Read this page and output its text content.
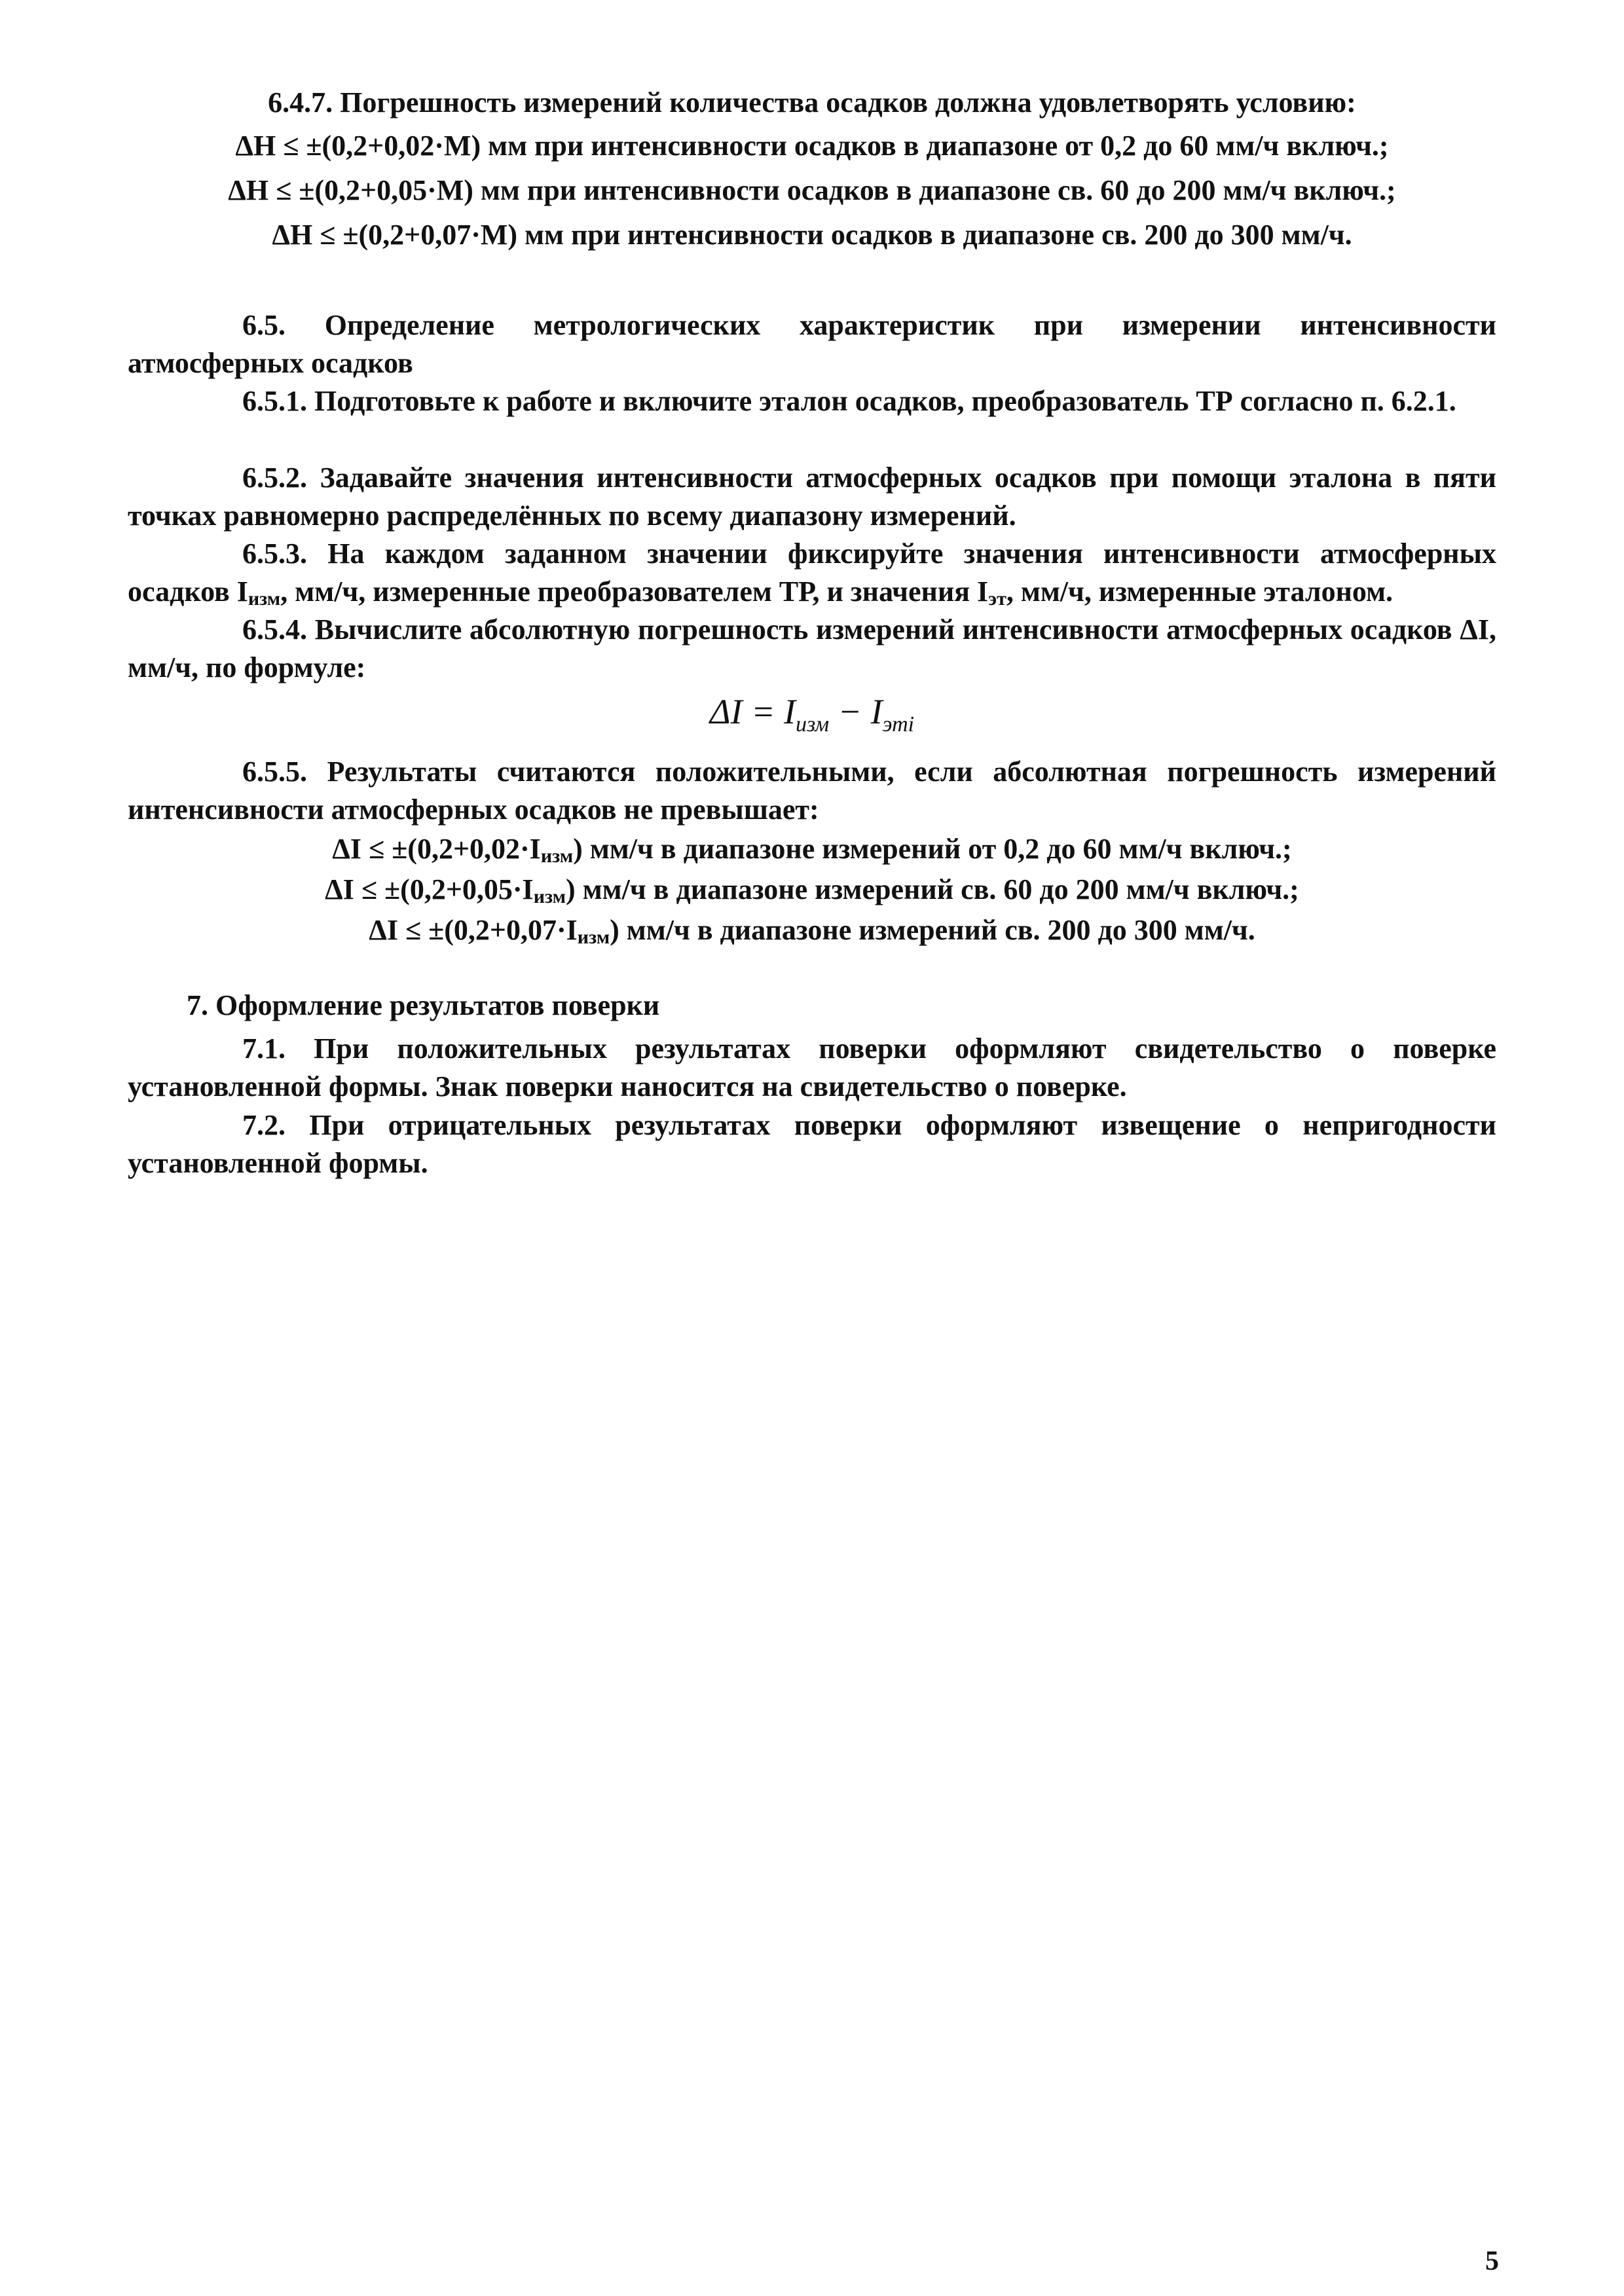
6.4.7. Погрешность измерений количества осадков должна удовлетворять условию:

ΔH ≤ ±(0,2+0,02·M) мм при интенсивности осадков в диапазоне от 0,2 до 60 мм/ч включ.;

ΔH ≤ ±(0,2+0,05·M) мм при интенсивности осадков в диапазоне св. 60 до 200 мм/ч включ.;

ΔH ≤ ±(0,2+0,07·M) мм при интенсивности осадков в диапазоне св. 200 до 300 мм/ч.

6.5. Определение метрологических характеристик при измерении интенсивности

атмосферных осадков

6.5.1. Подготовьте к работе и включите эталон осадков, преобразователь ТР согласно п. 6.2.1.

6.5.2. Задавайте значения интенсивности атмосферных осадков при помощи эталона в пяти точках равномерно распределённых по всему диапазону измерений.

6.5.3. На каждом заданном значении фиксируйте значения интенсивности атмосферных осадков $I_{изм}$, мм/ч, измеренные преобразователем ТР, и значения $I_{эт}$, мм/ч, измеренные эталоном.

6.5.4. Вычислите абсолютную погрешность измерений интенсивности атмосферных осадков ΔI, мм/ч, по формуле:

$\Delta I = I_{изм} - I_{эті}$

6.5.5. Результаты считаются положительными, если абсолютная погрешность измерений интенсивности атмосферных осадков не превышает:

$\Delta I \le \pm(0,2+0,02\cdot I_{изм})$ мм/ч в диапазоне измерений от 0,2 до 60 мм/ч включ.;

$\Delta I \le \pm(0,2+0,05\cdot I_{изм})$ мм/ч в диапазоне измерений св. 60 до 200 мм/ч включ.;

$\Delta I \le \pm(0,2+0,07\cdot I_{изм})$ мм/ч в диапазоне измерений св. 200 до 300 мм/ч.

7. Оформление результатов поверки

7.1. При положительных результатах поверки оформляют свидетельство о поверке установленной формы. Знак поверки наносится на свидетельство о поверке.

7.2. При отрицательных результатах поверки оформляют извещение о непригодности установленной формы.

5
